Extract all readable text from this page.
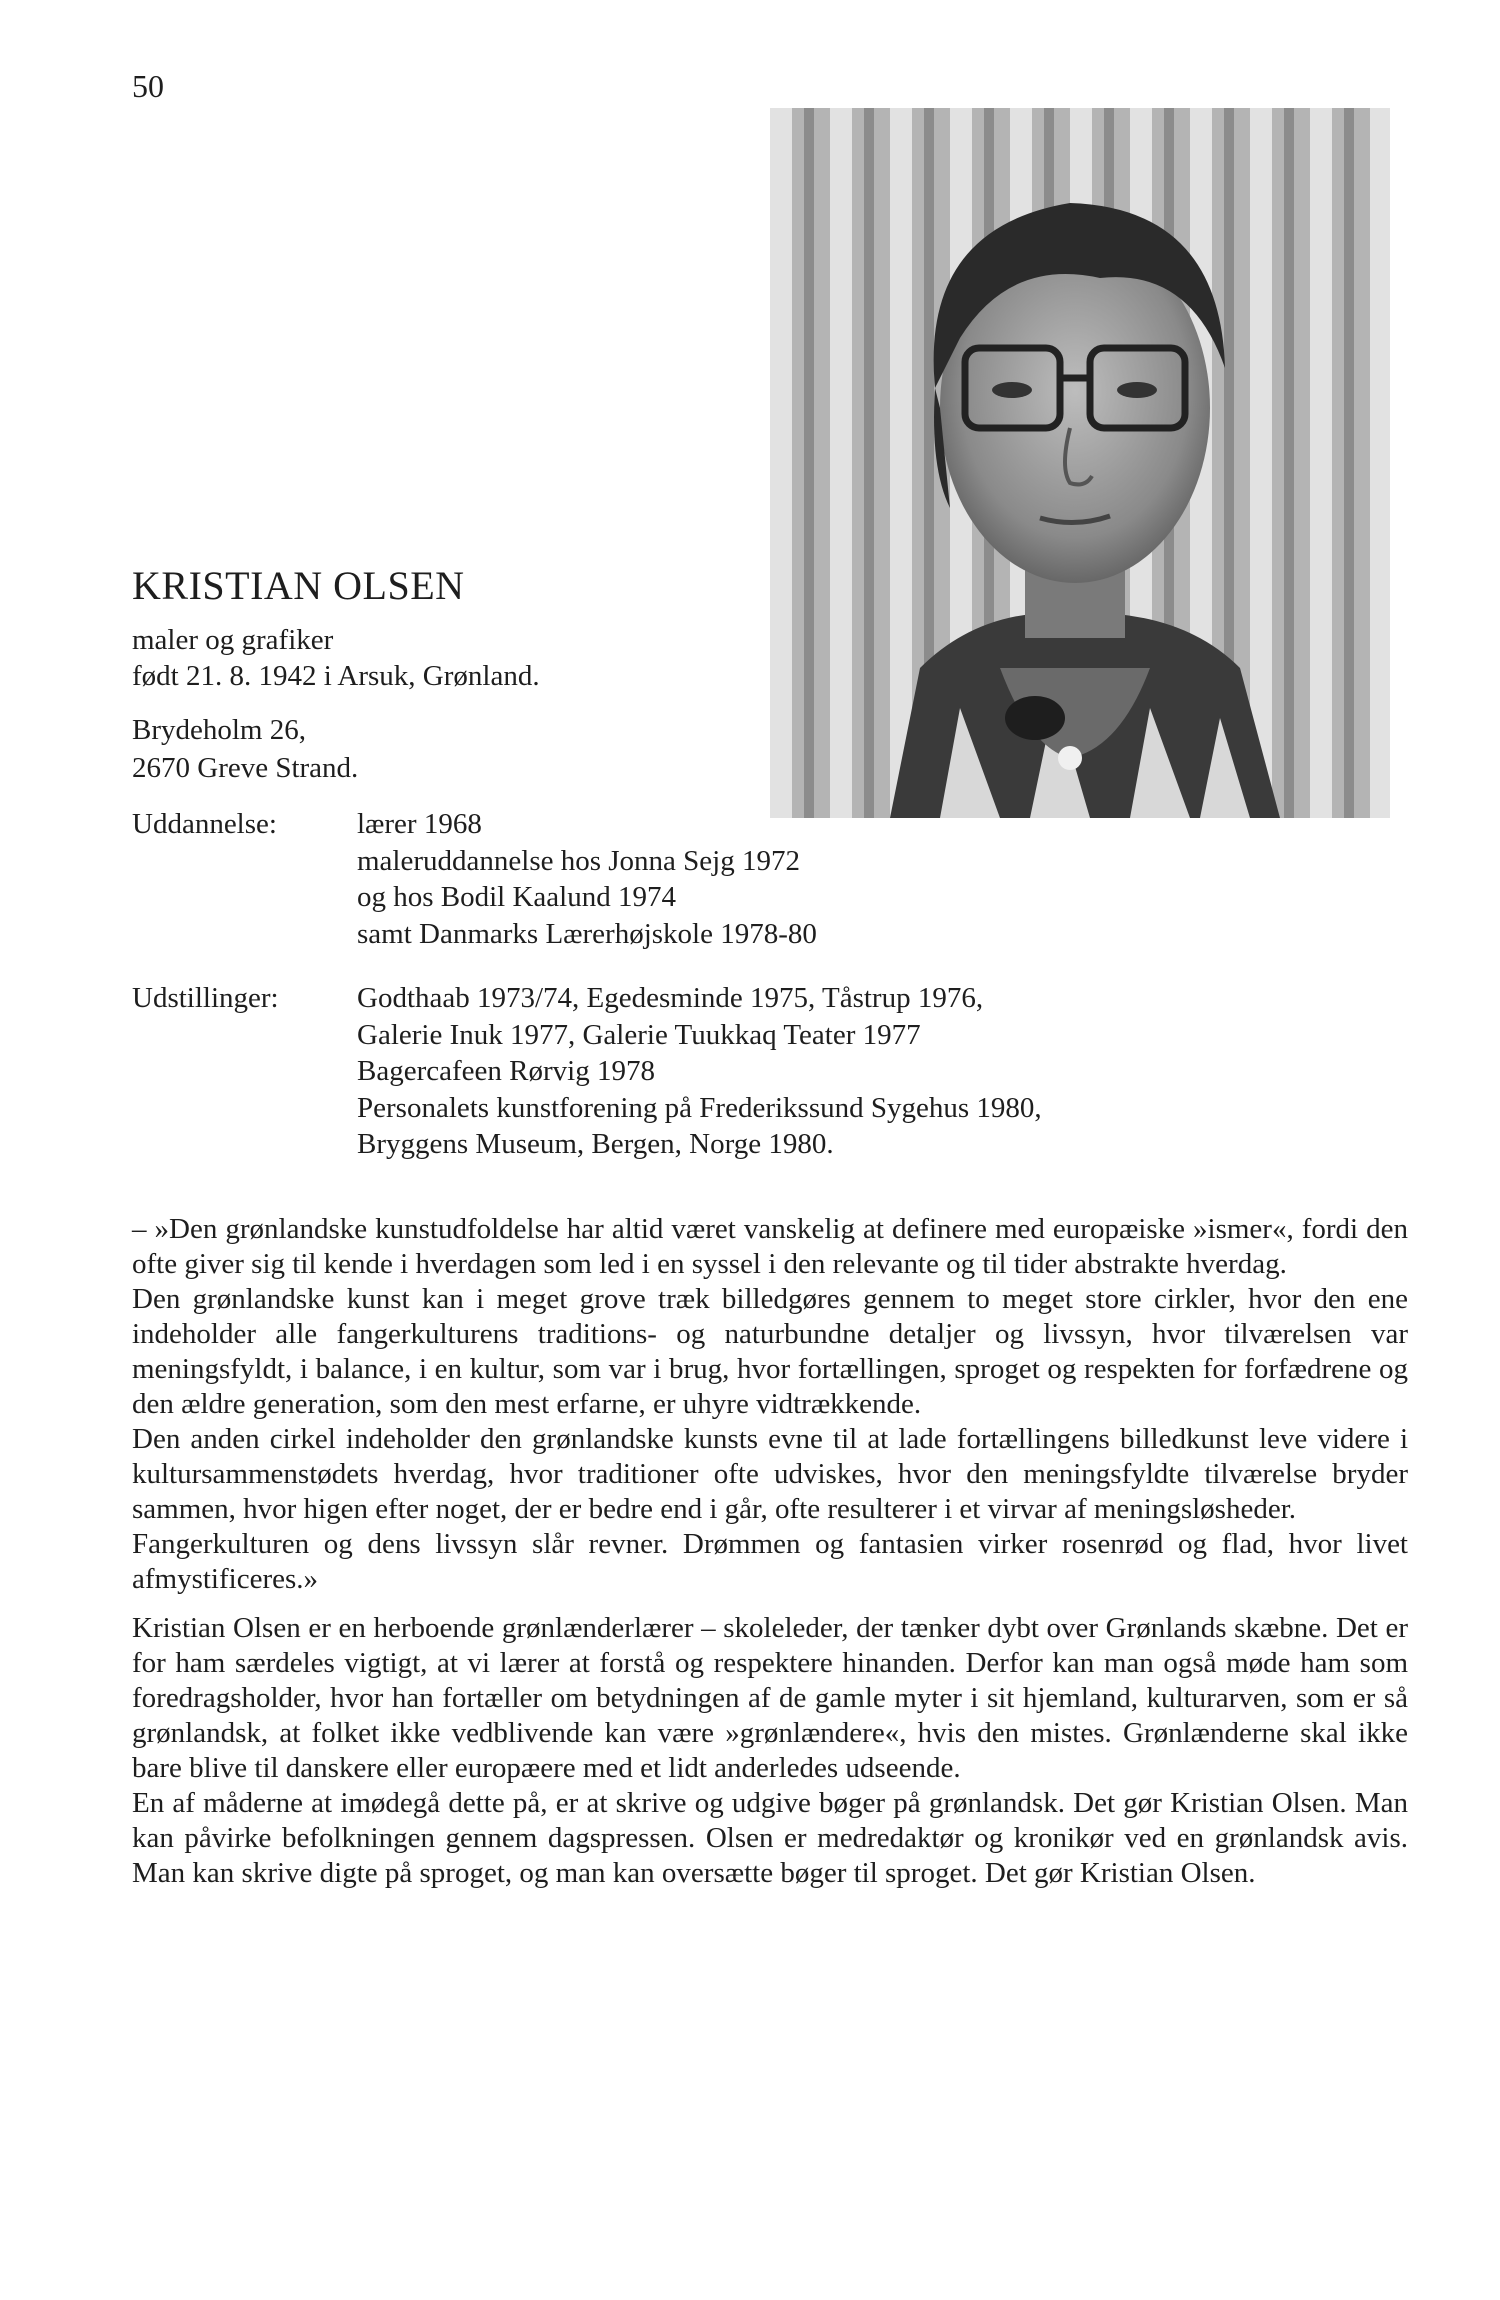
50
KRISTIAN OLSEN
maler og grafiker
født 21. 8. 1942 i Arsuk, Grønland.
Brydeholm 26,
2670 Greve Strand.
Uddannelse:	lærer 1968
maleruddannelse hos Jonna Sejg 1972
og hos Bodil Kaalund 1974
samt Danmarks Lærerhøjskole 1978-80
Udstillinger:	Godthaab 1973/74, Egedesminde 1975, Tåstrup 1976,
Galerie Inuk 1977, Galerie Tuukkaq Teater 1977
Bagercafeen Rørvig 1978
Personalets kunstforening på Frederikssund Sygehus 1980,
Bryggens Museum, Bergen, Norge 1980.

– »Den grønlandske kunstudfoldelse har altid været vanskelig at definere med europæiske »ismer«, fordi den ofte giver sig til kende i hverdagen som led i en syssel i den relevante og til tider abstrakte hverdag.

Den grønlandske kunst kan i meget grove træk billedgøres gennem to meget store cirkler, hvor den ene indeholder alle fangerkulturens traditions- og naturbundne detaljer og livssyn, hvor tilværelsen var meningsfyldt, i balance, i en kultur, som var i brug, hvor fortællingen, sproget og respekten for forfædrene og den ældre generation, som den mest erfarne, er uhyre vidtrækkende.

Den anden cirkel indeholder den grønlandske kunsts evne til at lade fortællingens billedkunst leve videre i kultursammenstødets hverdag, hvor traditioner ofte udviskes, hvor den meningsfyldte tilværelse bryder sammen, hvor higen efter noget, der er bedre end i går, ofte resulterer i et virvar af meningsløsheder.

Fangerkulturen og dens livssyn slår revner. Drømmen og fantasien virker rosenrød og flad, hvor livet afmystificeres.»

Kristian Olsen er en herboende grønlænderlærer – skoleleder, der tænker dybt over Grønlands skæbne. Det er for ham særdeles vigtigt, at vi lærer at forstå og respektere hinanden. Derfor kan man også møde ham som foredragsholder, hvor han fortæller om betydningen af de gamle myter i sit hjemland, kulturarven, som er så grønlandsk, at folket ikke vedblivende kan være »grønlændere«, hvis den mistes. Grønlænderne skal ikke bare blive til danskere eller europæere med et lidt anderledes udseende.

En af måderne at imødegå dette på, er at skrive og udgive bøger på grønlandsk. Det gør Kristian Olsen. Man kan påvirke befolkningen gennem dagspressen. Olsen er medredaktør og kronikør ved en grønlandsk avis. Man kan skrive digte på sproget, og man kan oversætte bøger til sproget. Det gør Kristian Olsen.
